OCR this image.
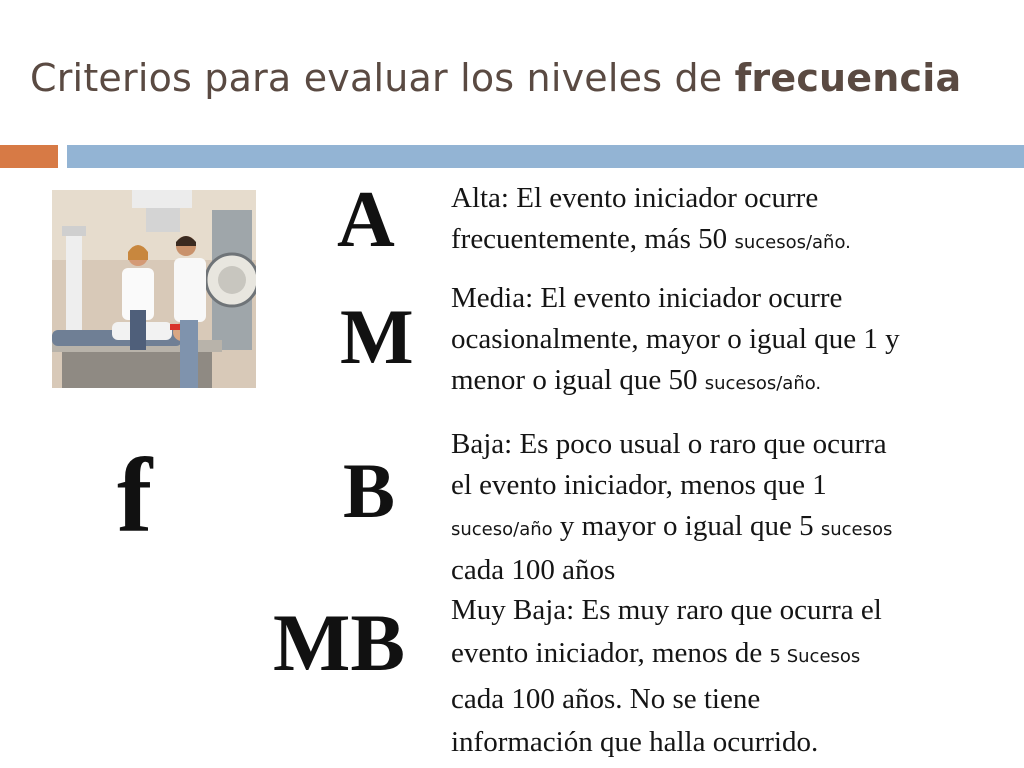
Criterios para evaluar los niveles de frecuencia
A
M
B
MB
f
Alta: El evento iniciador ocurre
frecuentemente, más 50 sucesos/año.
Media: El evento iniciador ocurre
ocasionalmente, mayor o igual que 1 y
menor o igual que 50 sucesos/año.
Baja: Es poco usual o raro que ocurra
el evento iniciador, menos que 1
suceso/año y mayor o igual que 5 sucesos
cada 100 años
Muy Baja: Es muy raro que ocurra el
evento iniciador, menos de 5 Sucesos
cada 100 años. No se tiene
información que halla ocurrido.
